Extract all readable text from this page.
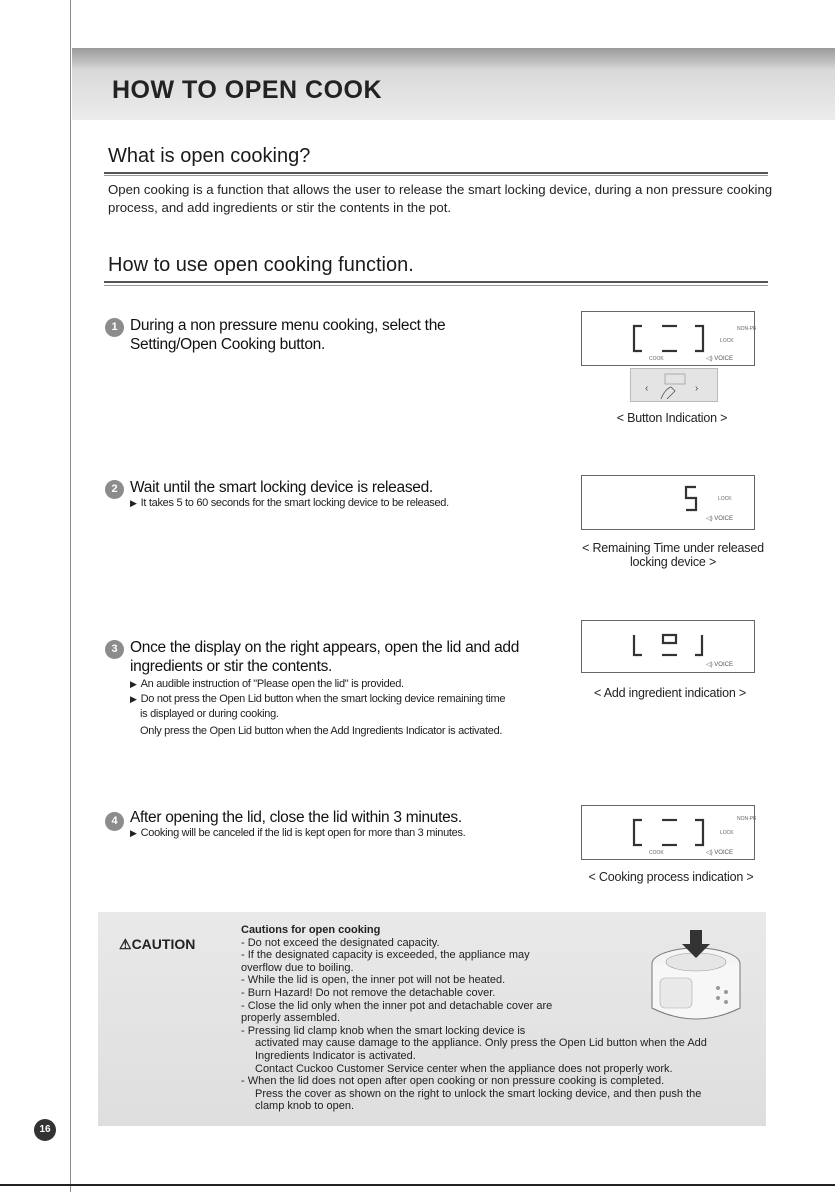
HOW TO OPEN COOK
What is open cooking?
Open cooking is a function that allows the user to release the smart locking device, during a non pressure cooking
process, and add ingredients or stir the contents in the pot.
How to use open cooking function.
1 During a non pressure menu cooking, select the
Setting/Open Cooking button.
COOK
LOCK
NON-PR
◁) VOICE
‹	›
< Button Indication >
2 Wait until the smart locking device is released.
▶ It takes 5 to 60 seconds for the smart locking device to be released.	LOCK
◁) VOICE
< Remaining Time under released
locking device >
3 Once the display on the right appears, open the lid and add
ingredients or stir the contents.
▶ An audible instruction of "Please open the lid" is provided.
▶ Do not press the Open Lid button when the smart locking device remaining time
is displayed or during cooking.
Only press the Open Lid button when the Add Ingredients Indicator is activated.
◁) VOICE
< Add ingredient indication >
4 After opening the lid, close the lid within 3 minutes.
▶ Cooking will be canceled if the lid is kept open for more than 3 minutes.
COOK
LOCK
NON-PR
◁) VOICE
< Cooking process indication >
⚠CAUTION
Cautions for open cooking
- Do not exceed the designated capacity.
- If the designated capacity is exceeded, the appliance may
overflow due to boiling.
- While the lid is open, the inner pot will not be heated.
- Burn Hazard! Do not remove the detachable cover.
- Close the lid only when the inner pot and detachable cover are
properly assembled.
- Pressing lid clamp knob when the smart locking device is
activated may cause damage to the appliance. Only press the Open Lid button when the Add
Ingredients Indicator is activated.
Contact Cuckoo Customer Service center when the appliance does not properly work.
- When the lid does not open after open cooking or non pressure cooking is completed.
Press the cover as shown on the right to unlock the smart locking device, and then push the
clamp knob to open.
16
